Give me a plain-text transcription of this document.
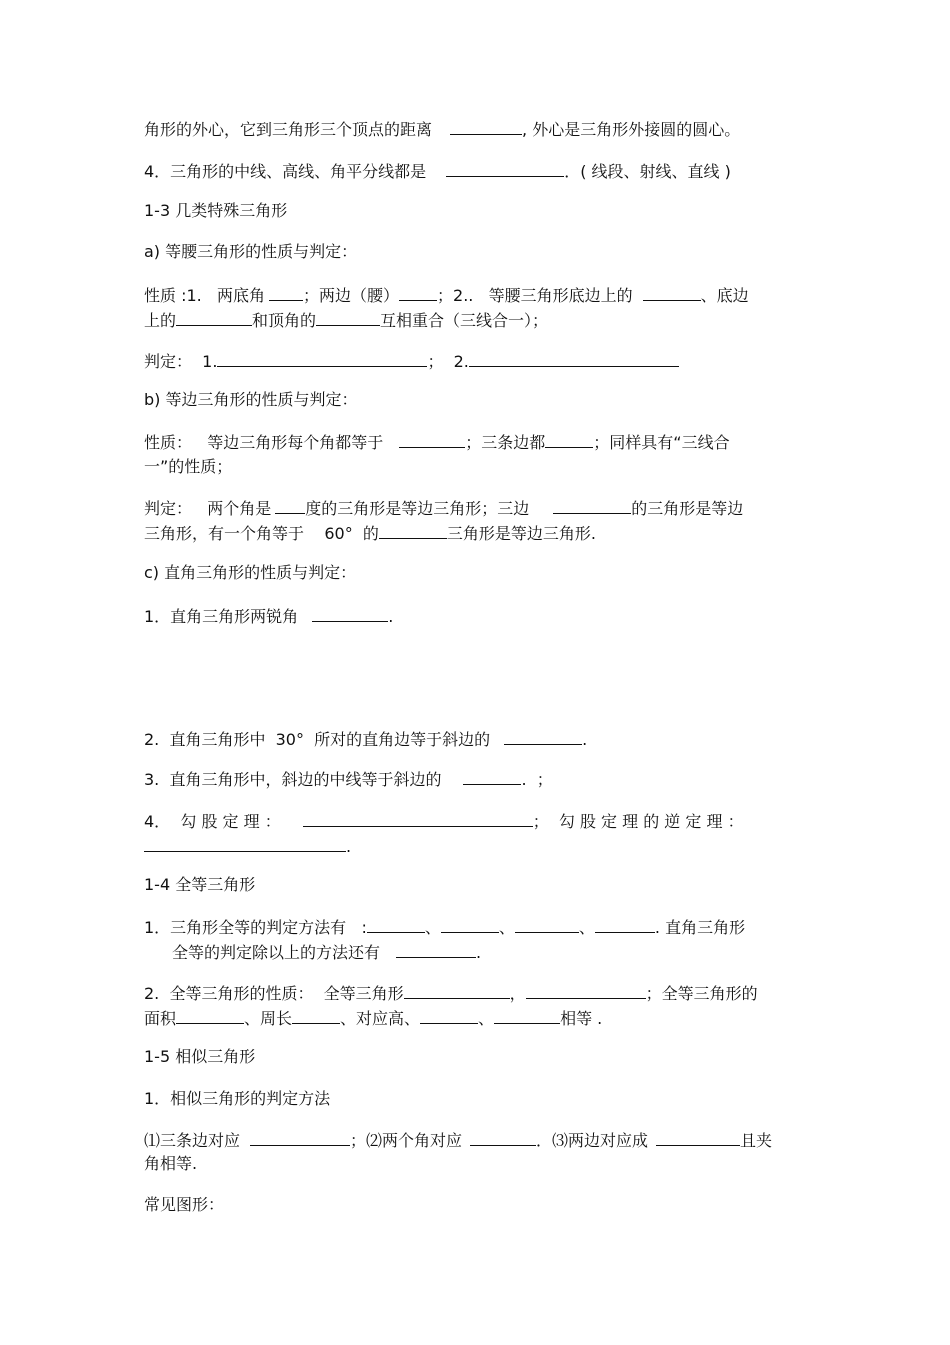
角形的外心，它到三角形三个顶点的距离	, 外心是三角形外接圆的圆心。
4．三角形的中线、高线、角平分线都是	．( 线段、射线、直线 )
1-3 几类特殊三角形
a) 等腰三角形的性质与判定：
性质 :1.   两底角 ；两边（腰） ；2..   等腰三角形底边上的	、底边
上的	和顶角的	互相重合（三线合一）；
判定：  1.	；  2.
b) 等边三角形的性质与判定：
性质：   等边三角形每个角都等于	；三条边都	；同样具有“三线合
一”的性质；
判定：   两个角是 度的三角形是等边三角形；三边	的三角形是等边
三角形，有一个角等于    60°  的	三角形是等边三角形.
c) 直角三角形的性质与判定：
1．直角三角形两锐角	.
2.  直角三角形中  30°  所对的直角边等于斜边的	.
3.  直角三角形中，斜边的中线等于斜边的	.  ；
4．  勾 股 定 理 ：	；  勾 股 定 理 的 逆 定 理 ：
.
1-4 全等三角形
1．三角形全等的判定方法有   :	、	、	、	. 直角三角形
全等的判定除以上的方法还有	.
2.  全等三角形的性质：  全等三角形	，	；全等三角形的
面积	、周长	、对应高、	、	相等 .
1-5 相似三角形
1．相似三角形的判定方法
⑴三条边对应	；⑵两个角对应	．⑶两边对应成	且夹
角相等.
常见图形：
